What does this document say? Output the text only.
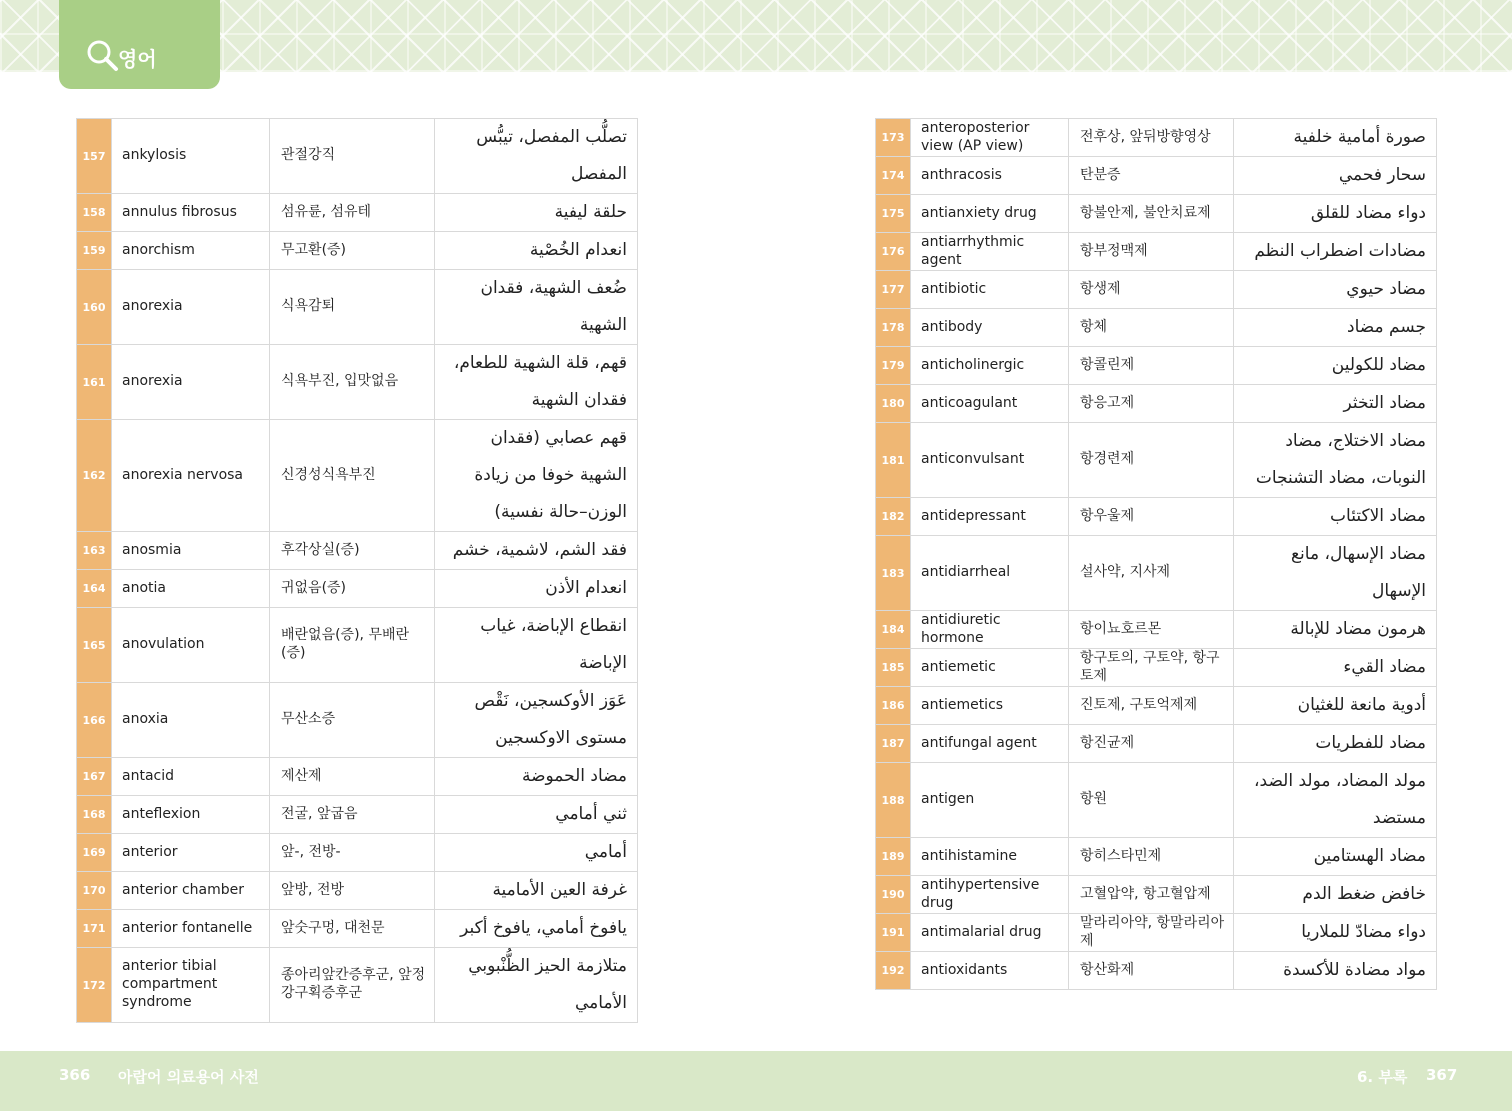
영어
157	ankylosis	관절강직	تصلُّب المفصل، تيبُّس المفصل
158	annulus fibrosus	섬유륜, 섬유테	حلقة ليفية
159	anorchism	무고환(증)	انعدام الخُصْية
160	anorexia	식욕감퇴	ضُعف الشهية، فقدان الشهية
161	anorexia	식욕부진, 입맛없음	قهم، قلة الشهية للطعام، فقدان الشهية
162	anorexia nervosa	신경성식욕부진	قهم عصابي (فقدان الشهية خوفا من زيادة الوزن–حالة نفسية)
163	anosmia	후각상실(증)	فقد الشم، لاشمية، خشم
164	anotia	귀없음(증)	انعدام الأذن
165	anovulation	배란없음(증), 무배란(증)	انقطاع الإباضة، غياب الإباضة
166	anoxia	무산소증	عَوَز الأوكسجين، نَقْص مستوى الاوكسجين
167	antacid	제산제	مضاد الحموضة
168	anteflexion	전굴, 앞굽음	ثني أمامي
169	anterior	앞-, 전방-	أمامي
170	anterior chamber	앞방, 전방	غرفة العين الأمامية
171	anterior fontanelle	앞숫구멍, 대천문	يافوخ أمامي، يافوخ أكبر
172	anterior tibial compartment syndrome	종아리앞칸증후군, 앞정강구획증후군	متلازمة الحيز الظُّنْبوبي الأمامي
173	anteroposterior view (AP view)	전후상, 앞뒤방향영상	صورة أمامية خلفية
174	anthracosis	탄분증	سحار فحمي
175	antianxiety drug	항불안제, 불안치료제	دواء مضاد للقلق
176	antiarrhythmic agent	항부정맥제	مضادات اضطراب النظم
177	antibiotic	항생제	مضاد حيوي
178	antibody	항체	جسم مضاد
179	anticholinergic	항콜린제	مضاد للكولين
180	anticoagulant	항응고제	مضاد التخثر
181	anticonvulsant	항경련제	مضاد الاختلاج، مضاد النوبات، مضاد التشنجات
182	antidepressant	항우울제	مضاد الاكتئاب
183	antidiarrheal	설사약, 지사제	مضاد الإسهال، مانع الإسهال
184	antidiuretic hormone	항이뇨호르몬	هرمون مضاد للإبالة
185	antiemetic	항구토의, 구토약, 항구토제	مضاد القيء
186	antiemetics	진토제, 구토억제제	أدوية مانعة للغثيان
187	antifungal agent	항진균제	مضاد للفطريات
188	antigen	항원	مولد المضاد، مولد الضد، مستضد
189	antihistamine	항히스타민제	مضاد الهستامين
190	antihypertensive drug	고혈압약, 항고혈압제	خافض ضغط الدم
191	antimalarial drug	말라리아약, 항말라리아제	دواء مضادّ للملاريا
192	antioxidants	항산화제	مواد مضادة للأكسدة
366 아랍어 의료용어 사전	6. 부록 367
